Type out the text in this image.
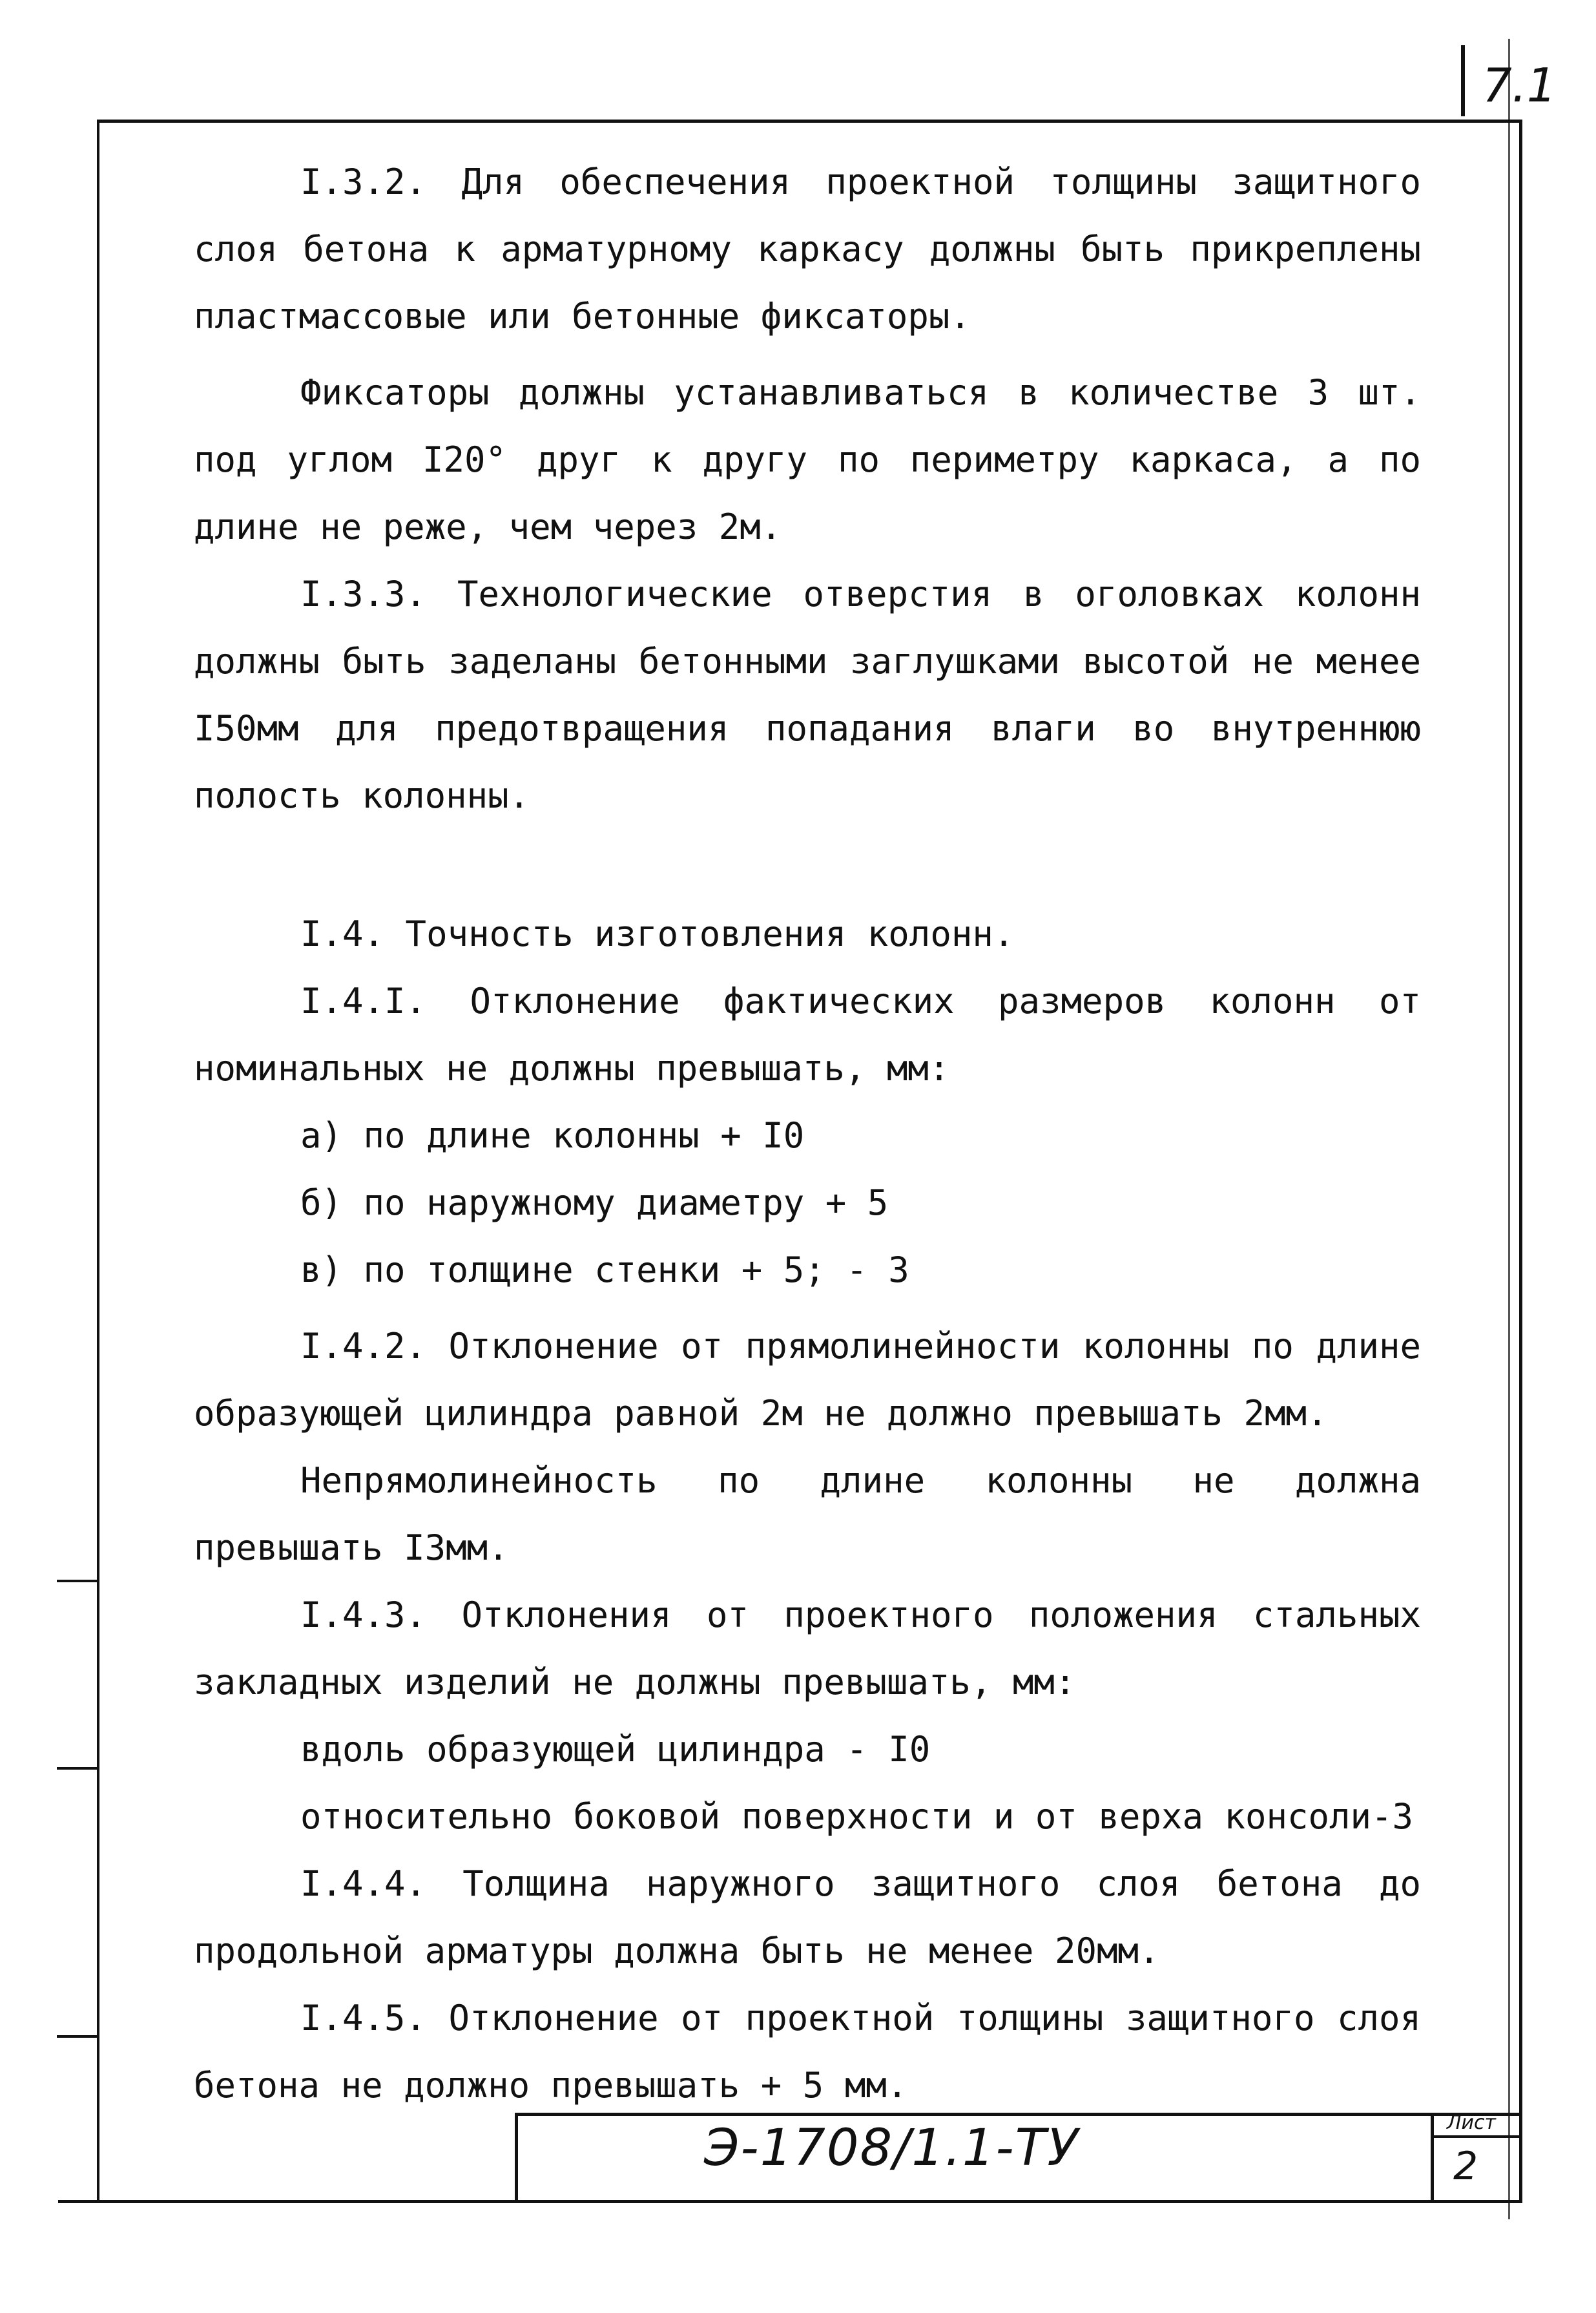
7.1

I.3.2. Для обеспечения проектной толщины защитного слоя бетона к арматурному каркасу должны быть прикреплены пластмассовые или бетонные фиксаторы.

Фиксаторы должны устанавливаться в количестве 3 шт. под углом I20° друг к другу по периметру каркаса, а по длине не реже, чем через 2м.

I.3.3. Технологические отверстия в оголовках колонн должны быть заделаны бетонными заглушками высотой не менее I50мм для предотвращения попадания влаги во внутреннюю полость колонны.

I.4. Точность изготовления колонн.

I.4.I. Отклонение фактических размеров колонн от номинальных не должны превышать, мм:

а) по длине колонны + I0

б) по наружному диаметру + 5

в) по толщине стенки + 5; - 3

I.4.2. Отклонение от прямолинейности колонны по длине образующей цилиндра равной 2м не должно превышать 2мм.

Непрямолинейность по длине колонны не должна превышать I3мм.

I.4.3. Отклонения от проектного положения стальных закладных изделий не должны превышать, мм:

вдоль образующей цилиндра - I0

относительно боковой поверхности и от верха консоли-3

I.4.4. Толщина наружного защитного слоя бетона до продольной арматуры должна быть не менее 20мм.

I.4.5. Отклонение от проектной толщины защитного слоя бетона не должно превышать + 5 мм.

Э-1708/1.1-ТУ	Лист
2
